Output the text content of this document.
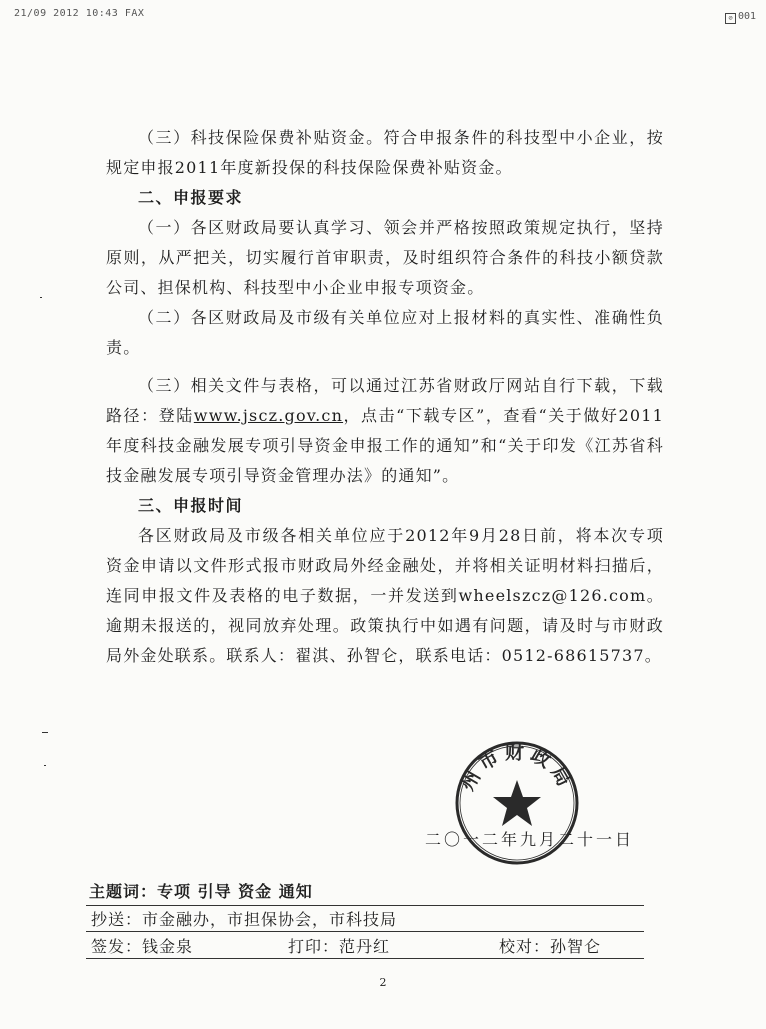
21/09 2012 10:43 FAX	⊘ 001

（三）科技保险保费补贴资金。符合申报条件的科技型中小企业，按规定申报2011年度新投保的科技保险保费补贴资金。

二、申报要求

（一）各区财政局要认真学习、领会并严格按照政策规定执行，坚持原则，从严把关，切实履行首审职责，及时组织符合条件的科技小额贷款公司、担保机构、科技型中小企业申报专项资金。

（二）各区财政局及市级有关单位应对上报材料的真实性、准确性负责。

（三）相关文件与表格，可以通过江苏省财政厅网站自行下载，下载路径：登陆www.jscz.gov.cn，点击“下载专区”，查看“关于做好2011年度科技金融发展专项引导资金申报工作的通知”和“关于印发《江苏省科技金融发展专项引导资金管理办法》的通知”。

三、申报时间

各区财政局及市级各相关单位应于2012年9月28日前，将本次专项资金申请以文件形式报市财政局外经金融处，并将相关证明材料扫描后，连同申报文件及表格的电子数据，一并发送到wheelszcz@126.com。逾期未报送的，视同放弃处理。政策执行中如遇有问题，请及时与市财政局外金处联系。联系人：翟淇、孙智仑，联系电话：0512-68615737。

州市财政局
二〇一二年九月二十一日
主题词：专项 引导 资金 通知
抄送：市金融办，市担保协会，市科技局
签发：钱金泉	打印：范丹红	校对：孙智仑
2
